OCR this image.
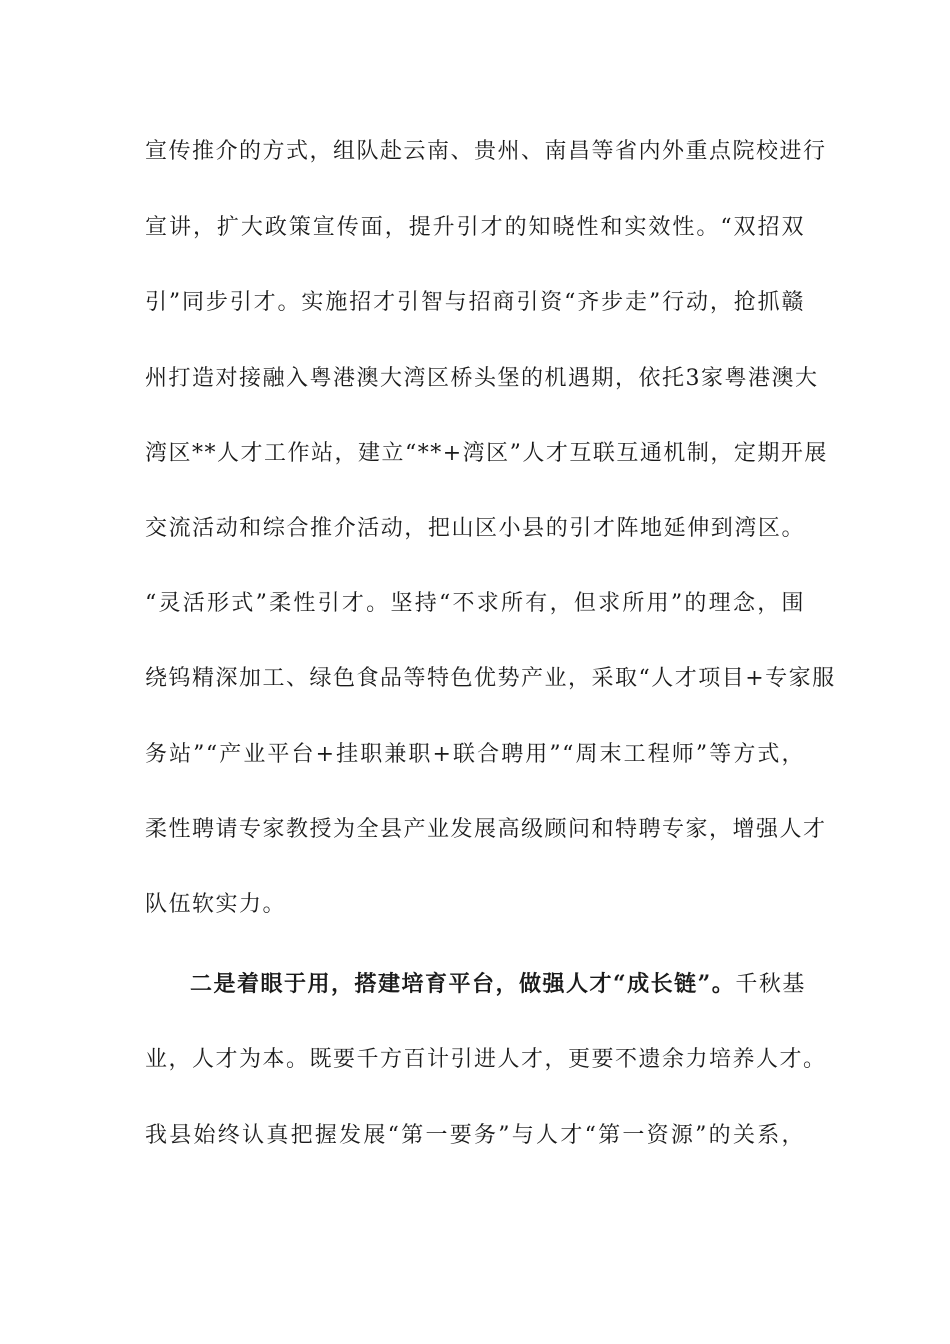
宣传推介的方式，组队赴云南、贵州、南昌等省内外重点院校进行
宣讲，扩大政策宣传面，提升引才的知晓性和实效性。“双招双
引”同步引才。实施招才引智与招商引资“齐步走”行动，抢抓赣
州打造对接融入粤港澳大湾区桥头堡的机遇期，依托3家粤港澳大
湾区**人才工作站，建立“**+湾区”人才互联互通机制，定期开展
交流活动和综合推介活动，把山区小县的引才阵地延伸到湾区。
“灵活形式”柔性引才。坚持“不求所有，但求所用”的理念，围
绕钨精深加工、绿色食品等特色优势产业，采取“人才项目+专家服
务站”“产业平台+挂职兼职+联合聘用”“周末工程师”等方式，
柔性聘请专家教授为全县产业发展高级顾问和特聘专家，增强人才
队伍软实力。
二是着眼于用，搭建培育平台，做强人才“成长链”。千秋基
业，人才为本。既要千方百计引进人才，更要不遗余力培养人才。
我县始终认真把握发展“第一要务”与人才“第一资源”的关系，
